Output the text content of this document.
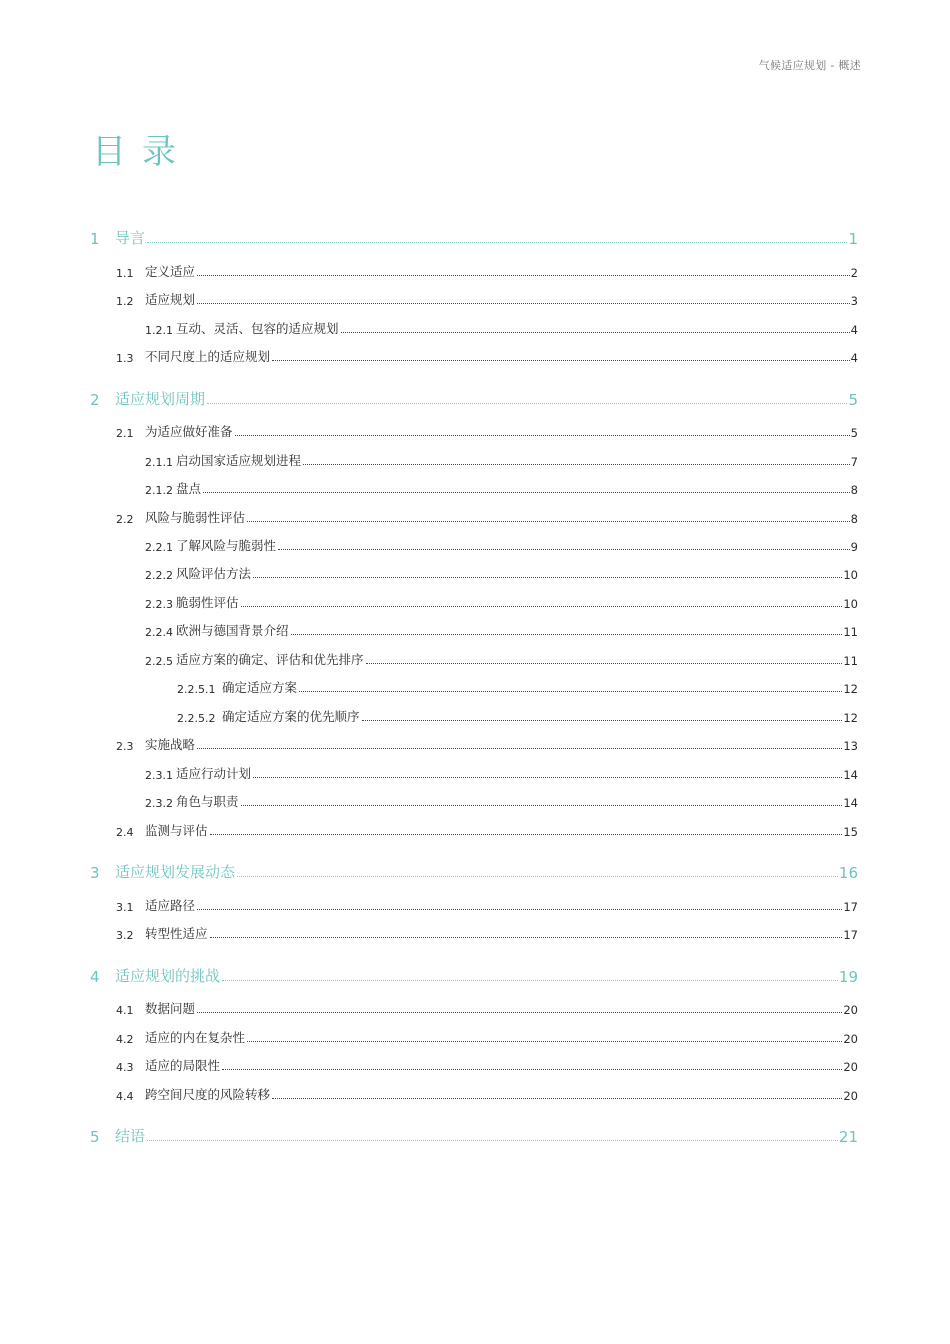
气候适应规划 - 概述
目录
1	导言	1
1.1 定义适应	2
1.2 适应规划	3
1.2.1 互动、灵活、包容的适应规划	4
1.3 不同尺度上的适应规划	4
2	适应规划周期	5
2.1 为适应做好准备	5
2.1.1 启动国家适应规划进程	7
2.1.2 盘点	8
2.2 风险与脆弱性评估	8
2.2.1 了解风险与脆弱性	9
2.2.2 风险评估方法	10
2.2.3 脆弱性评估	10
2.2.4 欧洲与德国背景介绍	11
2.2.5 适应方案的确定、评估和优先排序	11
2.2.5.1 确定适应方案	12
2.2.5.2 确定适应方案的优先顺序	12
2.3 实施战略	13
2.3.1 适应行动计划	14
2.3.2 角色与职责	14
2.4 监测与评估	15
3	适应规划发展动态	16
3.1 适应路径	17
3.2 转型性适应	17
4	适应规划的挑战	19
4.1 数据问题	20
4.2 适应的内在复杂性	20
4.3 适应的局限性	20
4.4 跨空间尺度的风险转移	20
5	结语	21
